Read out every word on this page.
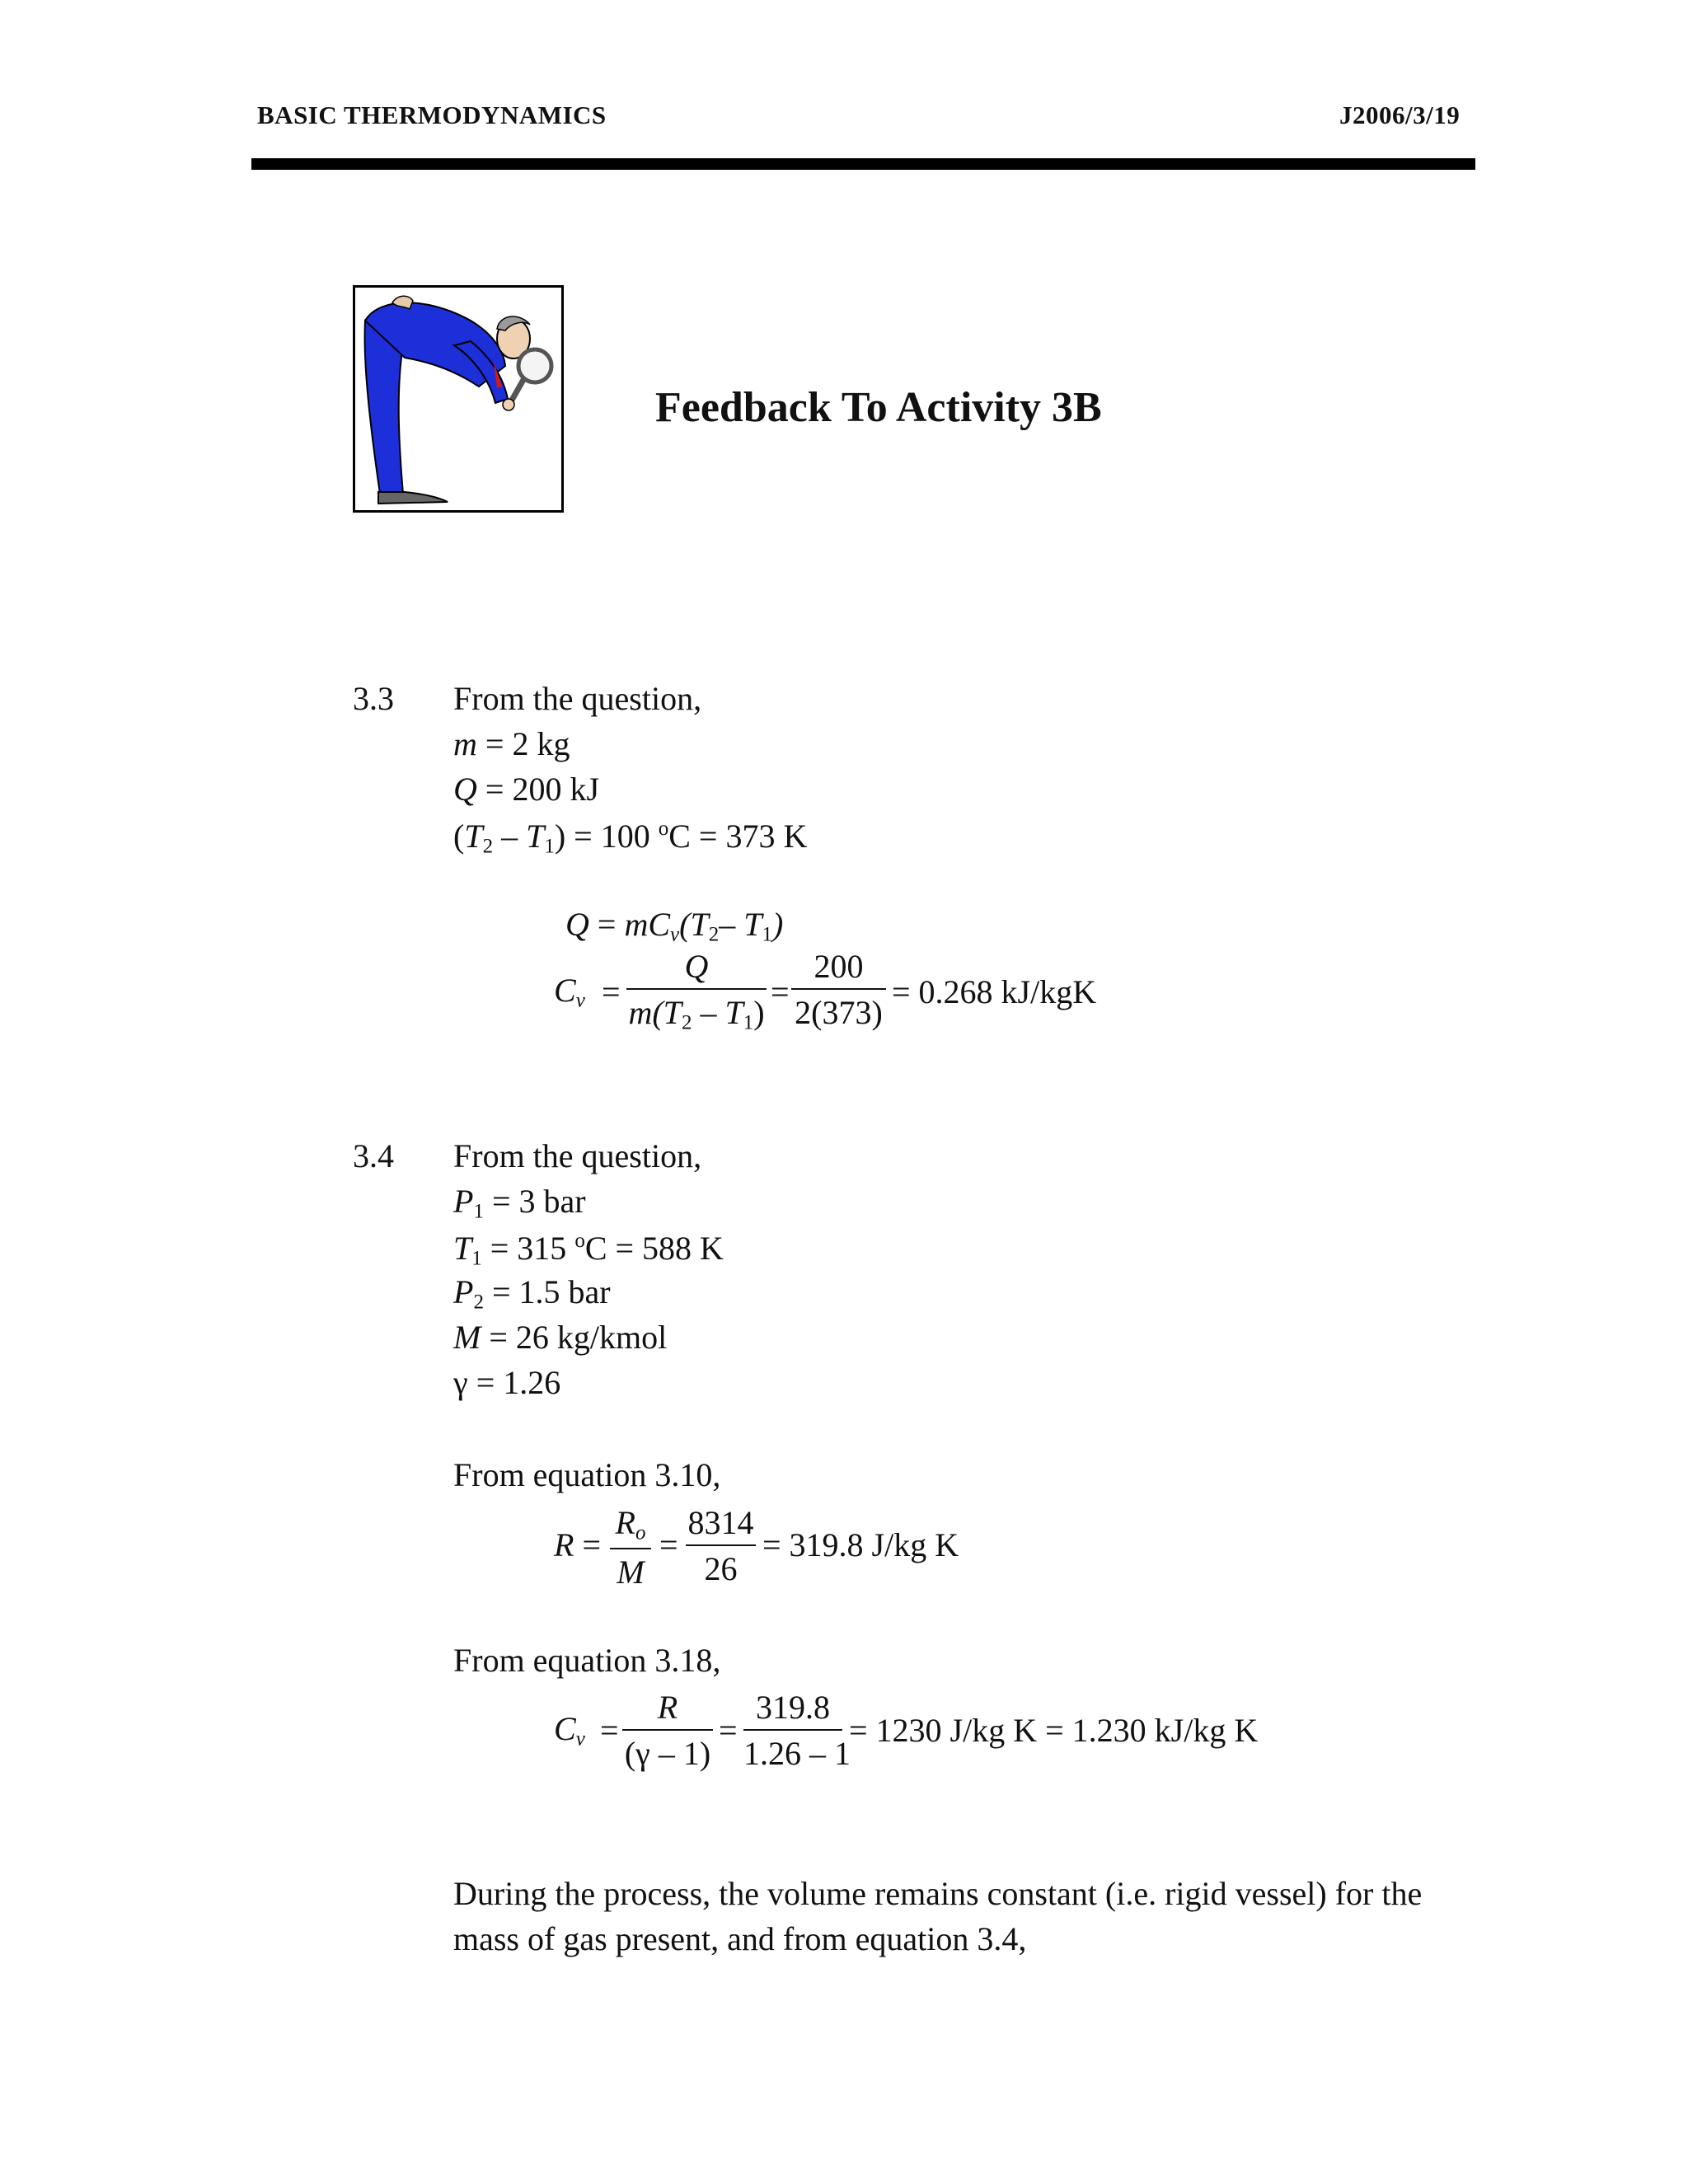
BASIC THERMODYNAMICS	J2006/3/19
Feedback To Activity 3B
3.3 From the question,
m = 2 kg
Q = 200 kJ
$(T_2 - T_1) = 100$ $^o$C = 373 K
$Q = mCv(T_2-$ $T_1$)
Cv =
Q
$m(T_2 - T_1)$
=
200
2(373)
= 0.268 kJ/kgK
3.4 From the question,
$P_1 = 3$ bar
$T_1 = 315$ $^o$C = 588 K
$P_2 = 1.5$ bar
M = 26 kg/kmol
γ = 1.26
From equation 3.10,
R =
Ro
M
=
8314
26
= 319.8 J/kg K
From equation 3.18,
Cv =
R
(γ – 1)
=
319.8
1.26 – 1
= 1230 J/kg K = 1.230 kJ/kg K
During the process, the volume remains constant (i.e. rigid vessel) for the mass of gas present, and from equation 3.4,
